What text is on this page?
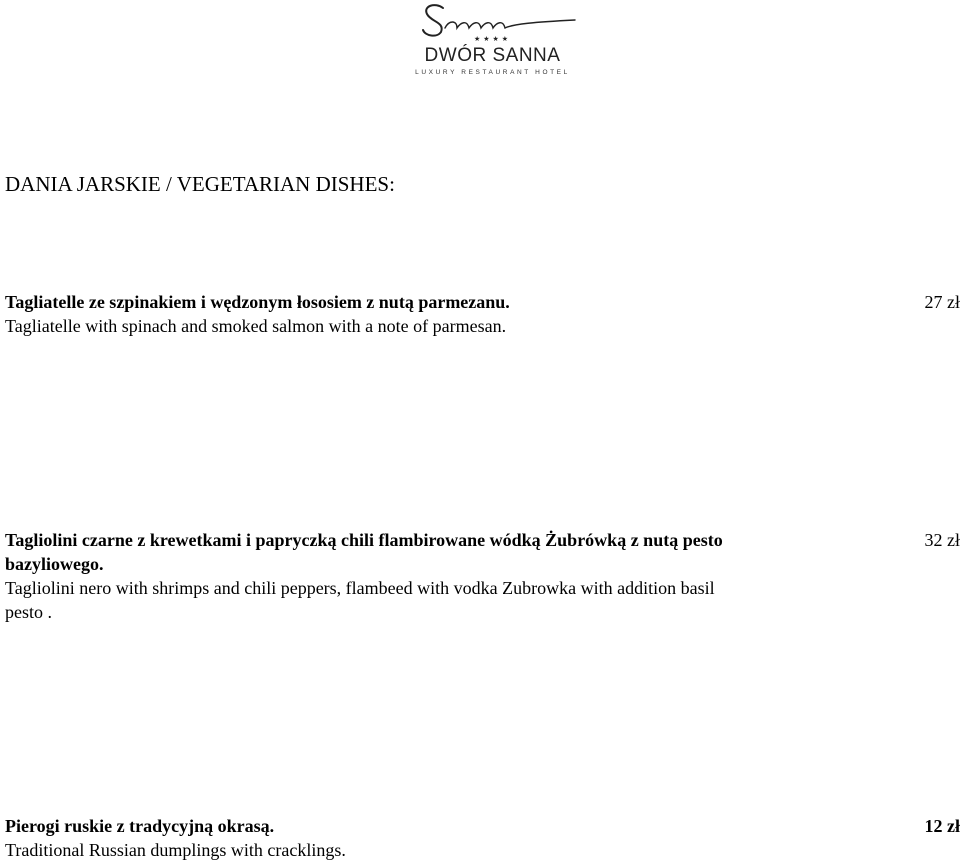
★★★★
DWÓR SANNA
LUXURY RESTAURANT HOTEL
DANIA JARSKIE / VEGETARIAN DISHES:
Tagliatelle ze szpinakiem i wędzonym łososiem z nutą parmezanu.
Tagliatelle with spinach and smoked salmon with a note of parmesan.
27 zł
Tagliolini czarne z krewetkami i papryczką chili flambirowane wódką Żubrówką z nutą pesto bazyliowego.
Tagliolini nero with shrimps and chili peppers, flambeed with vodka Zubrowka with addition basil pesto .
32 zł
Pierogi ruskie z tradycyjną okrasą.
Traditional Russian dumplings with cracklings.
12 zł
